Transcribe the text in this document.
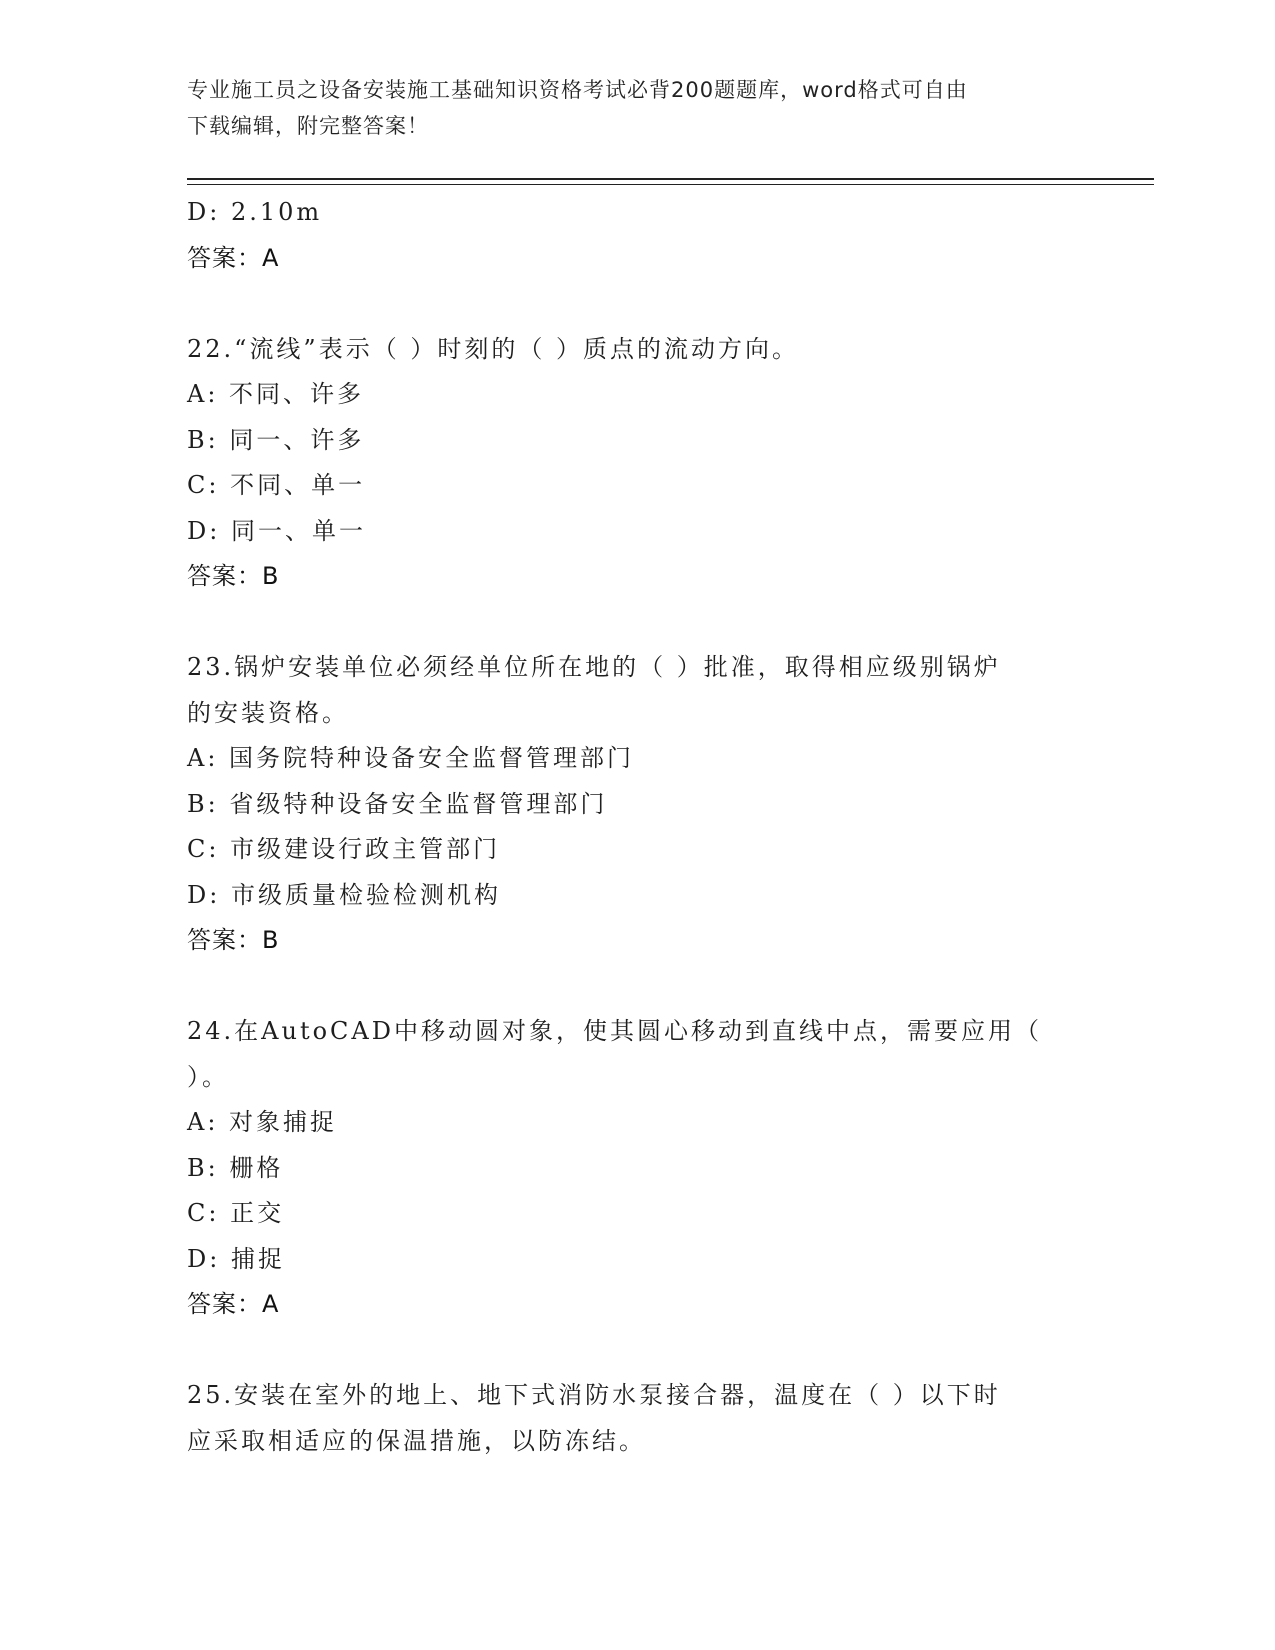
专业施工员之设备安装施工基础知识资格考试必背200题题库，word格式可自由
下载编辑，附完整答案！
D: 2.10m
答案：A
22.“流线”表示（ ）时刻的（ ）质点的流动方向。
A: 不同、许多
B: 同一、许多
C: 不同、单一
D: 同一、单一
答案：B
23.锅炉安装单位必须经单位所在地的（ ）批准，取得相应级别锅炉
的安装资格。
A: 国务院特种设备安全监督管理部门
B: 省级特种设备安全监督管理部门
C: 市级建设行政主管部门
D: 市级质量检验检测机构
答案：B
24.在AutoCAD中移动圆对象，使其圆心移动到直线中点，需要应用（
）。
A: 对象捕捉
B: 栅格
C: 正交
D: 捕捉
答案：A
25.安装在室外的地上、地下式消防水泵接合器，温度在（ ）以下时
应采取相适应的保温措施，以防冻结。
